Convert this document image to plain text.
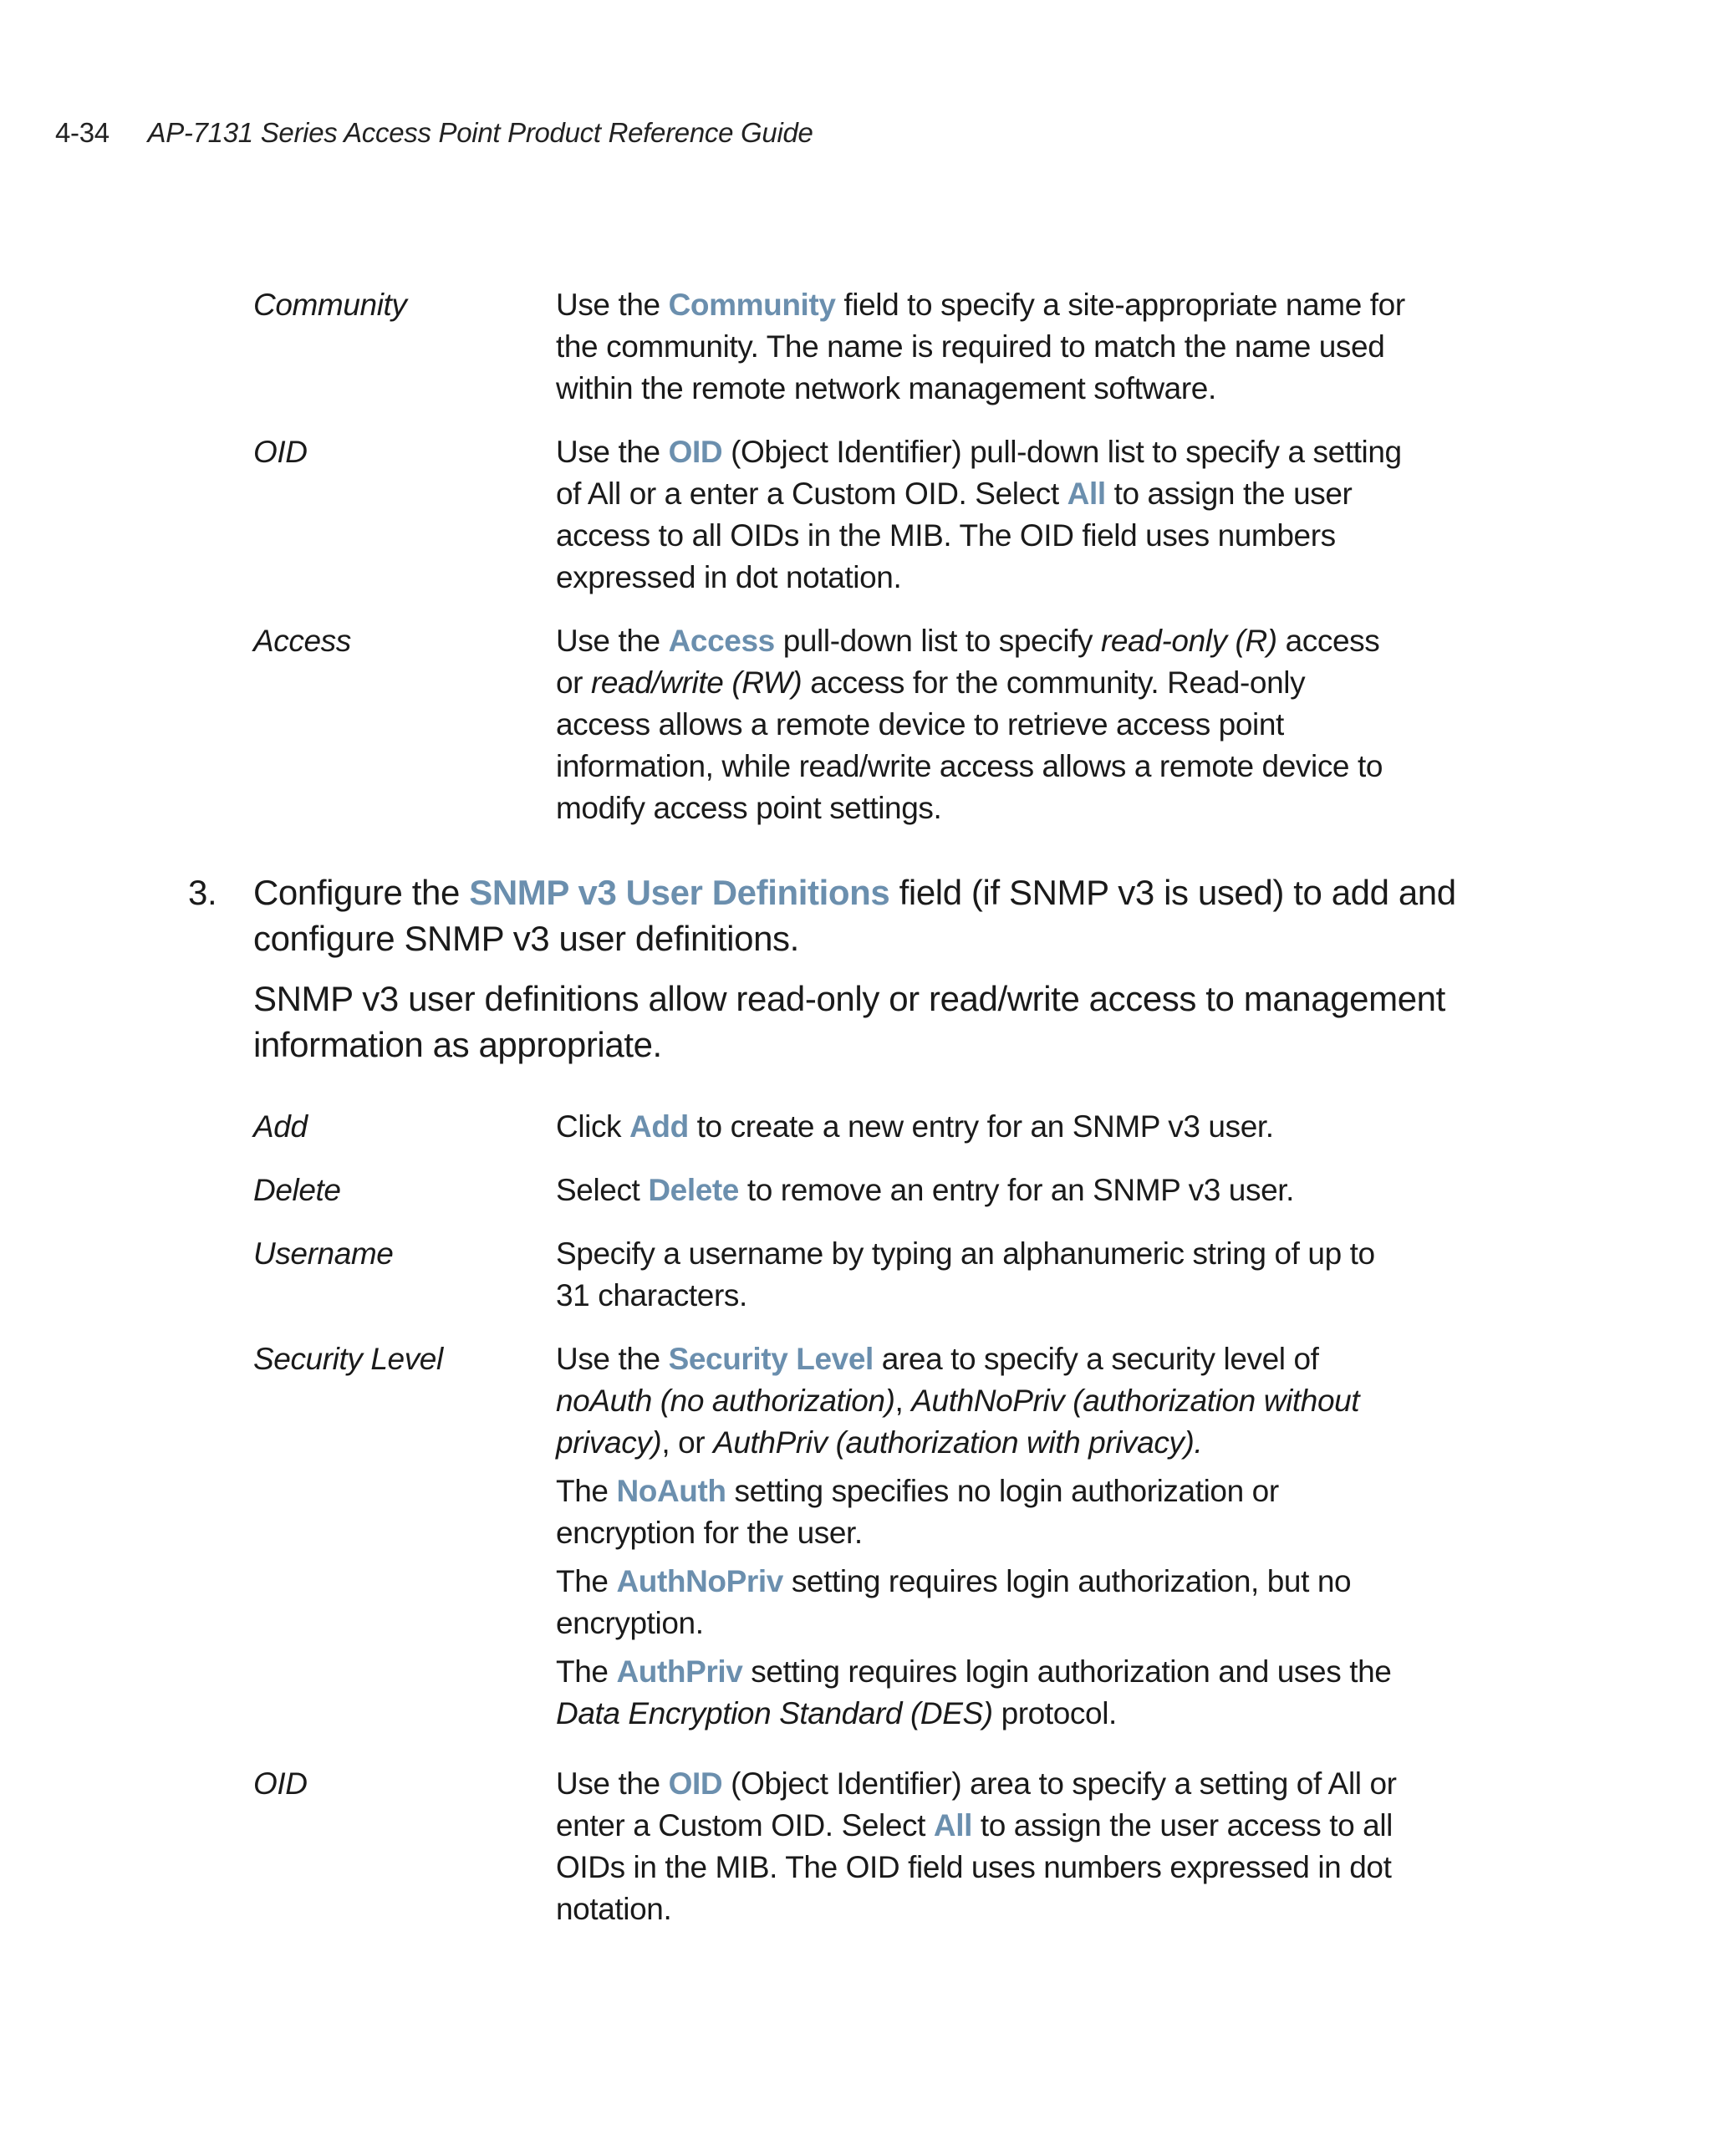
4-34 AP-7131 Series Access Point Product Reference Guide
Community	Use the Community field to specify a site-appropriate name for the community. The name is required to match the name used within the remote network management software.
OID	Use the OID (Object Identifier) pull-down list to specify a setting of All or a enter a Custom OID. Select All to assign the user access to all OIDs in the MIB. The OID field uses numbers expressed in dot notation.
Access	Use the Access pull-down list to specify read-only (R) access or read/write (RW) access for the community. Read-only access allows a remote device to retrieve access point information, while read/write access allows a remote device to modify access point settings.
3. Configure the SNMP v3 User Definitions field (if SNMP v3 is used) to add and configure SNMP v3 user definitions.
SNMP v3 user definitions allow read-only or read/write access to management information as appropriate.
Add	Click Add to create a new entry for an SNMP v3 user.
Delete	Select Delete to remove an entry for an SNMP v3 user.
Username	Specify a username by typing an alphanumeric string of up to 31 characters.
Security Level	Use the Security Level area to specify a security level of noAuth (no authorization), AuthNoPriv (authorization without privacy), or AuthPriv (authorization with privacy).

The NoAuth setting specifies no login authorization or encryption for the user.

The AuthNoPriv setting requires login authorization, but no encryption.

The AuthPriv setting requires login authorization and uses the Data Encryption Standard (DES) protocol.

OID	Use the OID (Object Identifier) area to specify a setting of All or enter a Custom OID. Select All to assign the user access to all OIDs in the MIB. The OID field uses numbers expressed in dot notation.
